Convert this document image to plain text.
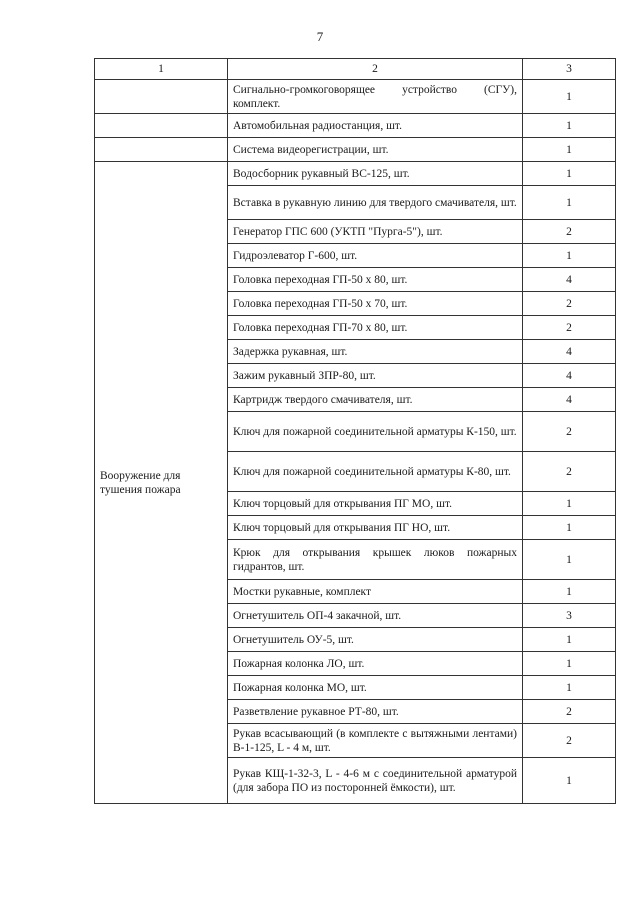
7
1	2	3
	Сигнально-громкоговорящее устройство (СГУ), комплект.	1
	Автомобильная радиостанция, шт.	1
	Система видеорегистрации, шт.	1
Вооружение для тушения пожара	Водосборник рукавный ВС-125, шт.	1
	Вставка в рукавную линию для твердого смачивателя, шт.	1
	Генератор ГПС 600 (УКТП "Пурга-5"), шт.	2
	Гидроэлеватор Г-600, шт.	1
	Головка переходная ГП-50 х 80, шт.	4
	Головка переходная ГП-50 х 70, шт.	2
	Головка переходная ГП-70 х 80, шт.	2
	Задержка рукавная, шт.	4
	Зажим рукавный ЗПР-80, шт.	4
	Картридж твердого смачивателя, шт.	4
	Ключ для пожарной соединительной арматуры К-150, шт.	2
	Ключ для пожарной соединительной арматуры К-80, шт.	2
	Ключ торцовый для открывания ПГ МО, шт.	1
	Ключ торцовый для открывания ПГ НО, шт.	1
	Крюк для открывания крышек люков пожарных гидрантов, шт.	1
	Мостки рукавные, комплект	1
	Огнетушитель ОП-4 закачной, шт.	3
	Огнетушитель ОУ-5, шт.	1
	Пожарная колонка ЛО, шт.	1
	Пожарная колонка МО, шт.	1
	Разветвление рукавное РТ-80, шт.	2
	Рукав всасывающий (в комплекте с вытяжными лентами) В-1-125, L - 4 м, шт.	2
	Рукав КЩ-1-32-3, L - 4-6 м с соединительной арматурой (для забора ПО из посторонней ёмкости), шт.	1
